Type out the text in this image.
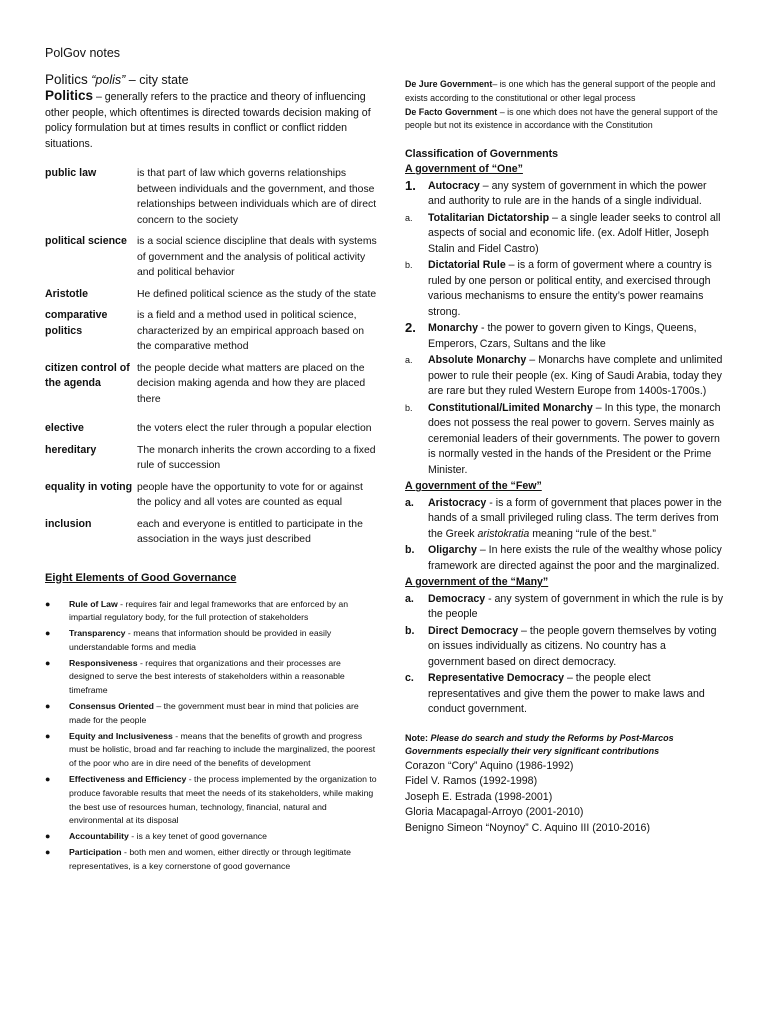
PolGov notes

Politics “polis” – city state

Politics – generally refers to the practice and theory of influencing other people, which oftentimes is directed towards decision making of policy formulation but at times results in conflict or conflict ridden situations.

public law	is that part of law which governs relationships between individuals and the government, and those relationships between individuals which are of direct concern to the society
political science	is a social science discipline that deals with systems of government and the analysis of political activity and political behavior
Aristotle	He defined political science as the study of the state
comparative politics	is a field and a method used in political science, characterized by an empirical approach based on the comparative method
citizen control of the agenda	the people decide what matters are placed on the decision making agenda and how they are placed there
elective	the voters elect the ruler through a popular election
hereditary	The monarch inherits the crown according to a fixed rule of succession
equality in voting	people have the opportunity to vote for or against the policy and all votes are counted as equal
inclusion	each and everyone is entitled to participate in the association in the ways just described

Eight Elements of Good Governance

● Rule of Law - requires fair and legal frameworks that are enforced by an impartial regulatory body, for the full protection of stakeholders
● Transparency - means that information should be provided in easily understandable forms and media
● Responsiveness - requires that organizations and their processes are designed to serve the best interests of stakeholders within a reasonable timeframe
● Consensus Oriented – the government must bear in mind that policies are made for the people
● Equity and Inclusiveness - means that the benefits of growth and progress must be holistic, broad and far reaching to include the marginalized, the poorest of the poor who are in dire need of the benefits of development
● Effectiveness and Efficiency - the process implemented by the organization to produce favorable results that meet the needs of its stakeholders, while making the best use of resources human, technology, financial, natural and environmental at its disposal
● Accountability - is a key tenet of good governance
● Participation - both men and women, either directly or through legitimate representatives, is a key cornerstone of good governance

De Jure Government– is one which has the general support of the people and exists according to the constitutional or other legal process

De Facto Government – is one which does not have the general support of the people but not its existence in accordance with the Constitution

Classification of Governments

A government of “One”

1. Autocracy – any system of government in which the power and authority to rule are in the hands of a single individual.
a. Totalitarian Dictatorship – a single leader seeks to control all aspects of social and economic life. (ex. Adolf Hitler, Joseph Stalin and Fidel Castro)
b. Dictatorial Rule – is a form of goverment where a country is ruled by one person or political entity, and exercised through various mechanisms to ensure the entity’s power reamains strong.
2. Monarchy - the power to govern given to Kings, Queens, Emperors, Czars, Sultans and the like
a. Absolute Monarchy – Monarchs have complete and unlimited power to rule their people (ex. King of Saudi Arabia, today they are rare but they ruled Western Europe from 1400s-1700s.)
b. Constitutional/Limited Monarchy – In this type, the monarch does not possess the real power to govern. Serves mainly as ceremonial leaders of their governments. The power to govern is normally vested in the hands of the President or the Prime Minister.

A government of the “Few”

a. Aristocracy - is a form of government that places power in the hands of a small privileged ruling class. The term derives from the Greek aristokratia meaning “rule of the best.”
b. Oligarchy – In here exists the rule of the wealthy whose policy framework are directed against the poor and the marginalized.

A government of the “Many”

a. Democracy - any system of government in which the rule is by the people
b. Direct Democracy – the people govern themselves by voting on issues individually as citizens. No country has a government based on direct democracy.
c. Representative Democracy – the people elect representatives and give them the power to make laws and conduct government.

Note: Please do search and study the Reforms by Post-Marcos Governments especially their very significant contributions

Corazon “Cory” Aquino (1986-1992)

Fidel V. Ramos (1992-1998)

Joseph E. Estrada (1998-2001)

Gloria Macapagal-Arroyo (2001-2010)

Benigno Simeon “Noynoy” C. Aquino III (2010-2016)
